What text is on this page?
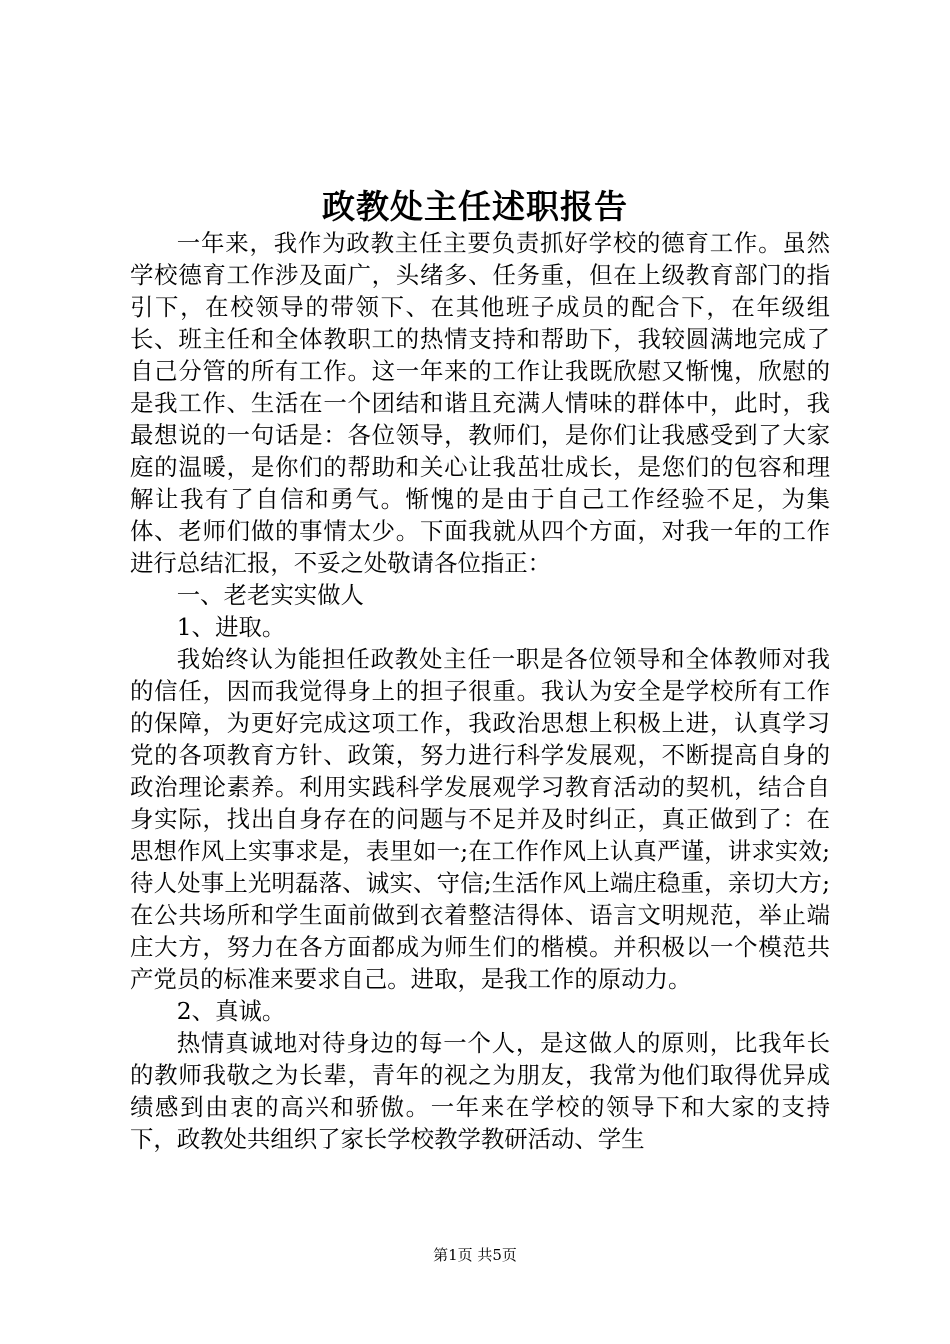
政教处主任述职报告

一年来，我作为政教主任主要负责抓好学校的德育工作。虽然学校德育工作涉及面广，头绪多、任务重，但在上级教育部门的指引下，在校领导的带领下、在其他班子成员的配合下，在年级组长、班主任和全体教职工的热情支持和帮助下，我较圆满地完成了自己分管的所有工作。这一年来的工作让我既欣慰又惭愧，欣慰的是我工作、生活在一个团结和谐且充满人情味的群体中，此时，我最想说的一句话是：各位领导，教师们，是你们让我感受到了大家庭的温暖，是你们的帮助和关心让我茁壮成长，是您们的包容和理解让我有了自信和勇气。惭愧的是由于自己工作经验不足，为集体、老师们做的事情太少。下面我就从四个方面，对我一年的工作进行总结汇报，不妥之处敬请各位指正：

一、老老实实做人

1、进取。

我始终认为能担任政教处主任一职是各位领导和全体教师对我的信任，因而我觉得身上的担子很重。我认为安全是学校所有工作的保障，为更好完成这项工作，我政治思想上积极上进，认真学习党的各项教育方针、政策，努力进行科学发展观，不断提高自身的政治理论素养。利用实践科学发展观学习教育活动的契机，结合自身实际，找出自身存在的问题与不足并及时纠正，真正做到了：在思想作风上实事求是，表里如一;在工作作风上认真严谨，讲求实效;待人处事上光明磊落、诚实、守信;生活作风上端庄稳重，亲切大方;在公共场所和学生面前做到衣着整洁得体、语言文明规范，举止端庄大方，努力在各方面都成为师生们的楷模。并积极以一个模范共产党员的标准来要求自己。进取，是我工作的原动力。

2、真诚。

热情真诚地对待身边的每一个人，是这做人的原则，比我年长的教师我敬之为长辈，青年的视之为朋友，我常为他们取得优异成绩感到由衷的高兴和骄傲。一年来在学校的领导下和大家的支持下，政教处共组织了家长学校教学教研活动、学生

第1页 共5页
